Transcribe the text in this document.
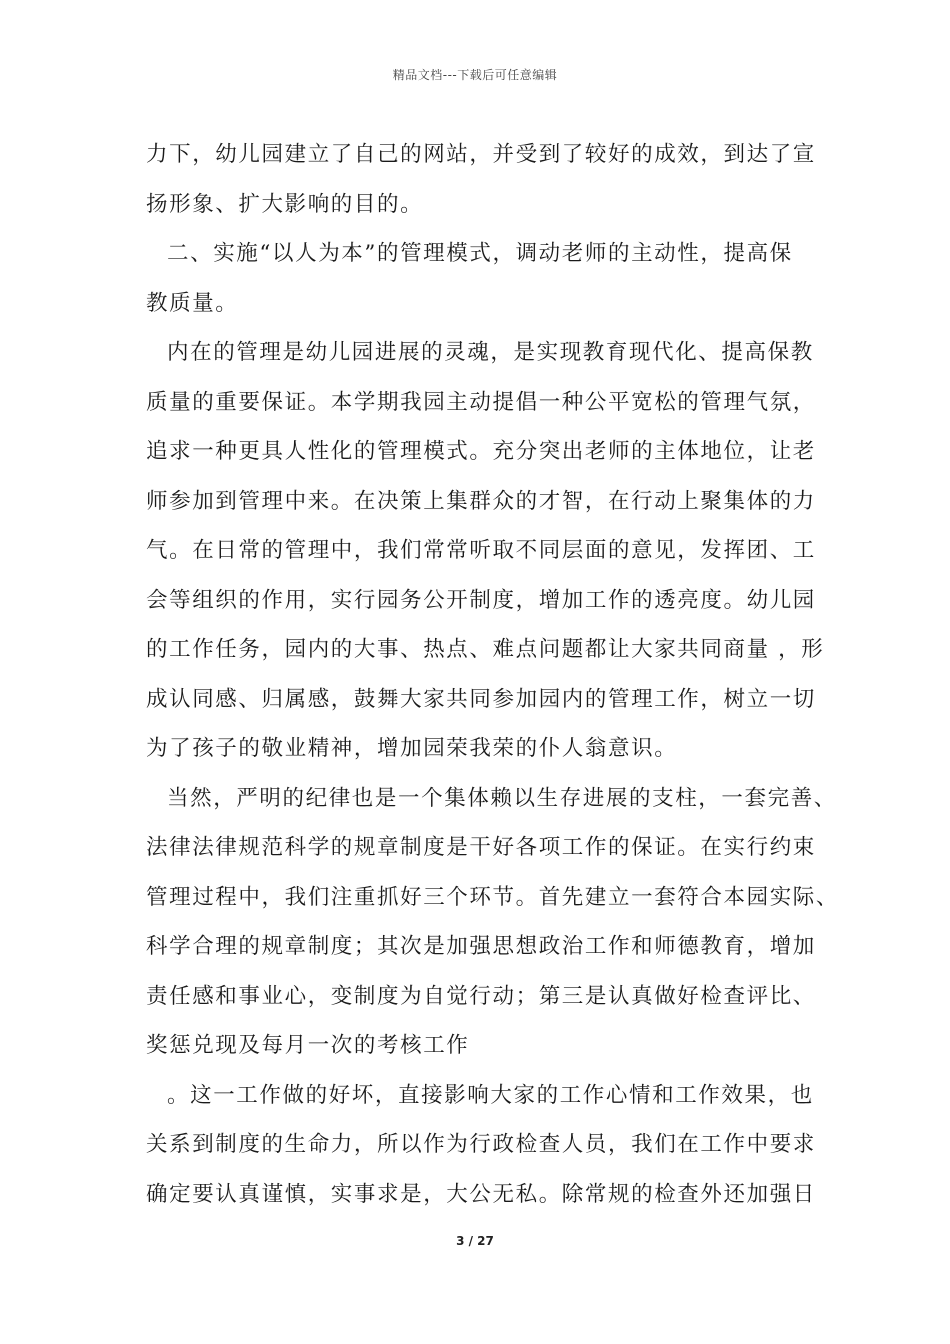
精品文档---下载后可任意编辑
力下，幼儿园建立了自己的网站，并受到了较好的成效，到达了宣
扬形象、扩大影响的目的。
二、实施“以人为本”的管理模式，调动老师的主动性，提高保
教质量。
内在的管理是幼儿园进展的灵魂，是实现教育现代化、提高保教
质量的重要保证。本学期我园主动提倡一种公平宽松的管理气氛，
追求一种更具人性化的管理模式。充分突出老师的主体地位，让老
师参加到管理中来。在决策上集群众的才智，在行动上聚集体的力
气。在日常的管理中，我们常常听取不同层面的意见，发挥团、工
会等组织的作用，实行园务公开制度，增加工作的透亮度。幼儿园
的工作任务，园内的大事、热点、难点问题都让大家共同商量 ，形
成认同感、归属感，鼓舞大家共同参加园内的管理工作，树立一切
为了孩子的敬业精神，增加园荣我荣的仆人翁意识。
当然，严明的纪律也是一个集体赖以生存进展的支柱，一套完善、
法律法律规范科学的规章制度是干好各项工作的保证。在实行约束
管理过程中，我们注重抓好三个环节。首先建立一套符合本园实际、
科学合理的规章制度；其次是加强思想政治工作和师德教育，增加
责任感和事业心，变制度为自觉行动；第三是认真做好检查评比、
奖惩兑现及每月一次的考核工作
。这一工作做的好坏，直接影响大家的工作心情和工作效果，也
关系到制度的生命力，所以作为行政检查人员，我们在工作中要求
确定要认真谨慎，实事求是，大公无私。除常规的检查外还加强日
3 / 27
